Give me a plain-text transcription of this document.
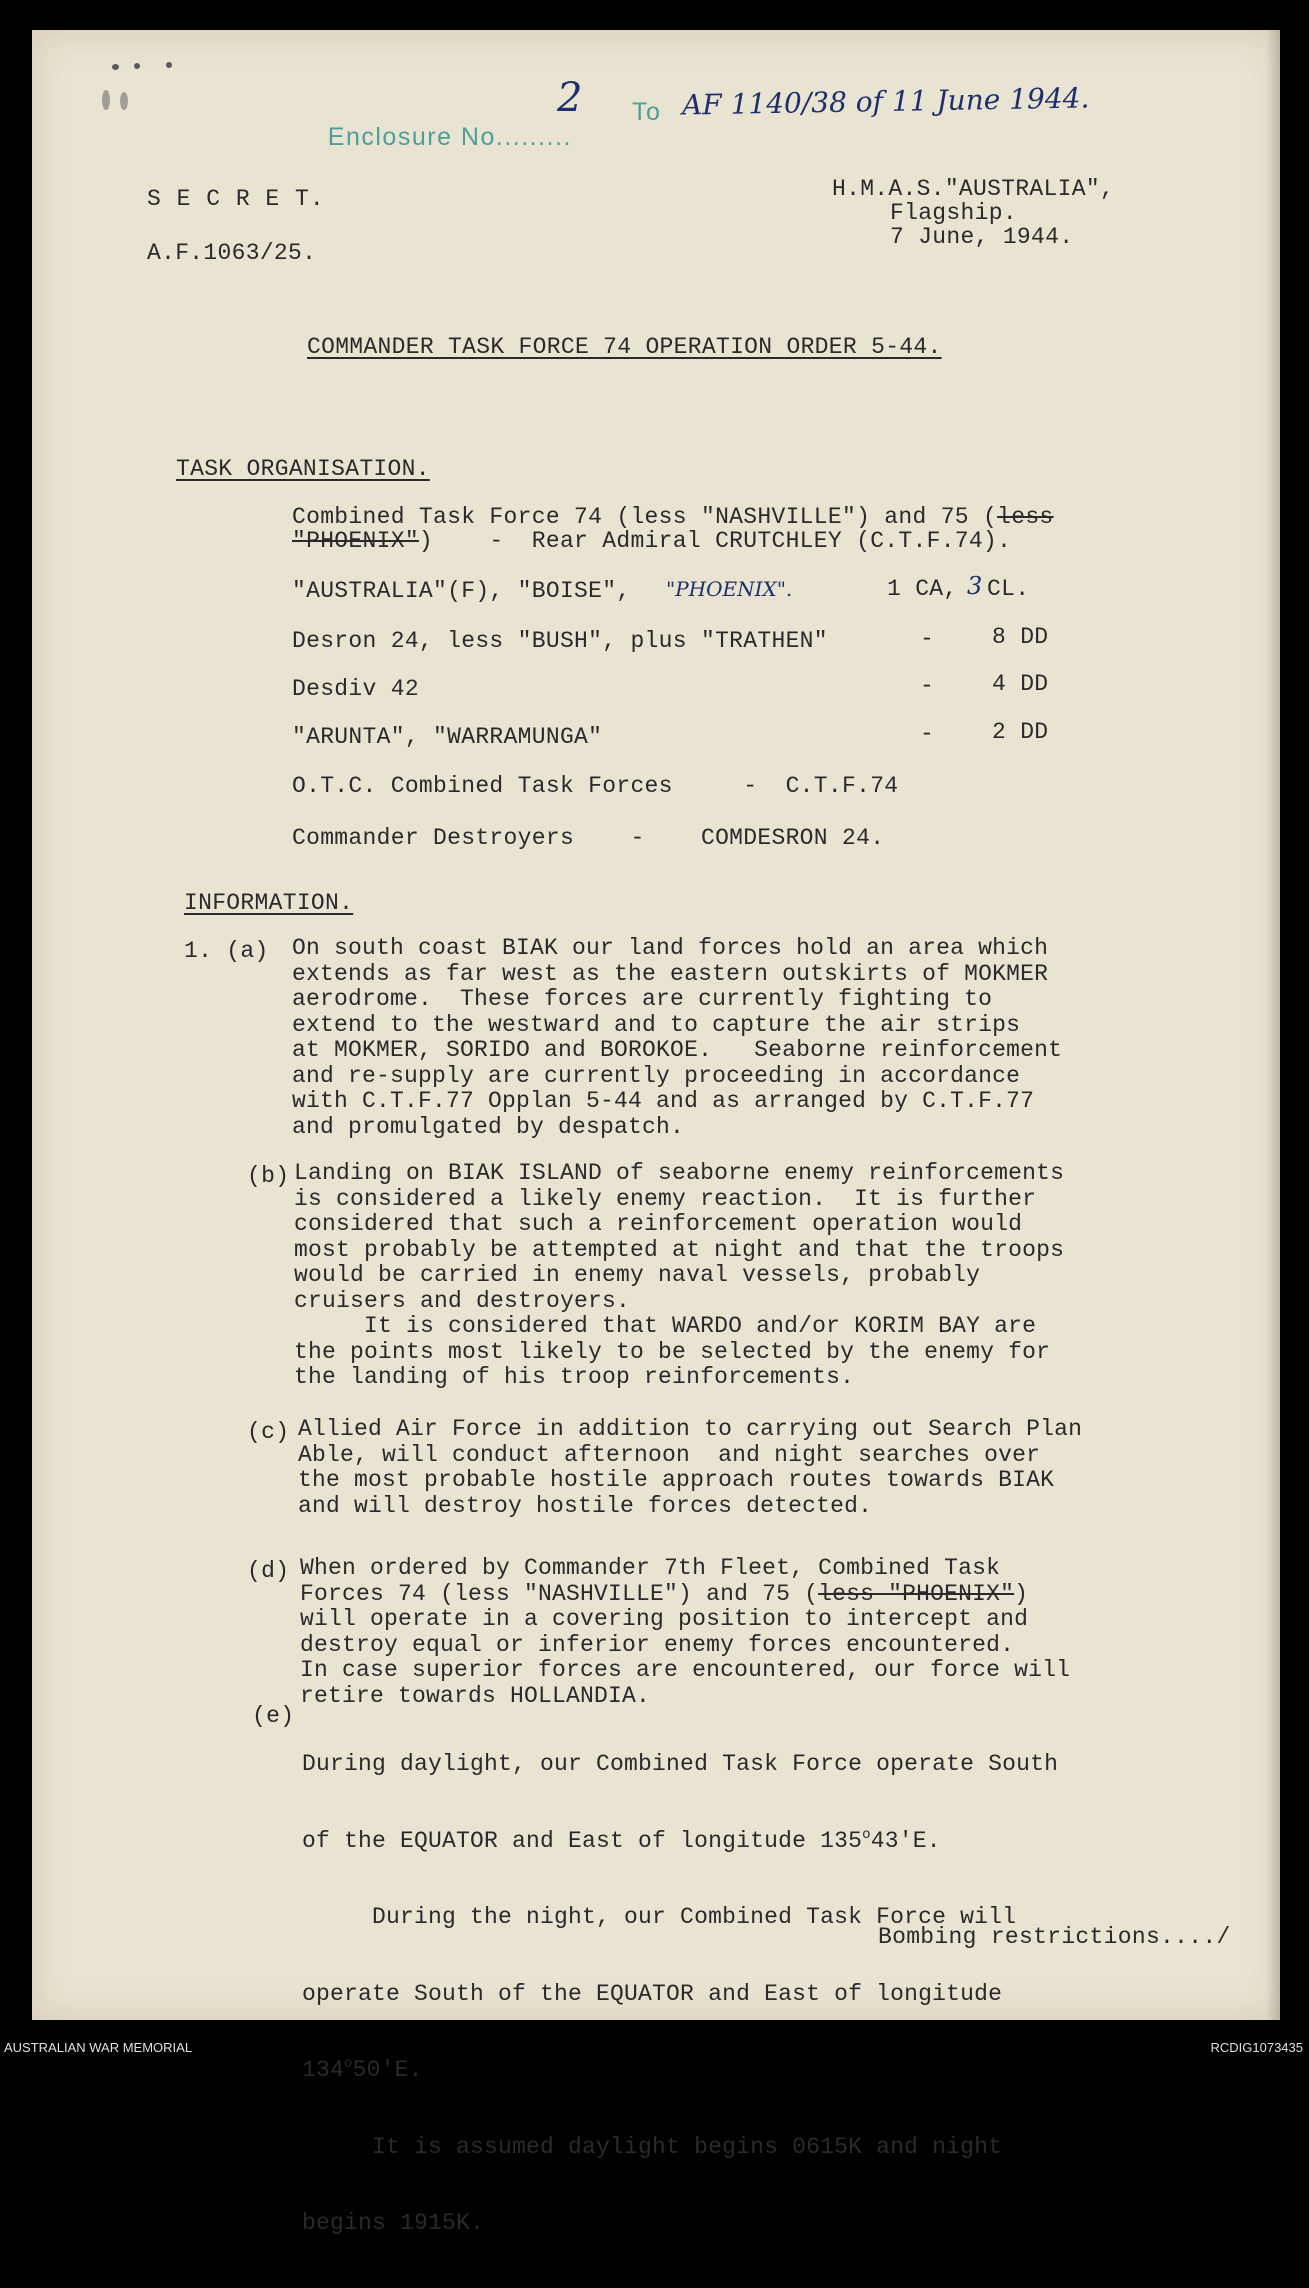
Enclosure No.........

2 To AF 1140/38 of 11 June 1944.
S E C R E T.
A.F.1063/25.
H.M.A.S."AUSTRALIA",
Flagship.
7 June, 1944.
COMMANDER TASK FORCE 74 OPERATION ORDER 5-44.
TASK ORGANISATION.
Combined Task Force 74 (less "NASHVILLE") and 75 (less
"PHOENIX")    -  Rear Admiral CRUTCHLEY (C.T.F.74).
"AUSTRALIA"(F), "BOISE", "PHOENIX".	1 CA, 3 CL.
Desron 24, less "BUSH", plus "TRATHEN"	-	8 DD
Desdiv 42	-	4 DD
"ARUNTA", "WARRAMUNGA"	-	2 DD
O.T.C. Combined Task Forces     -  C.T.F.74
Commander Destroyers    -    COMDESRON 24.
INFORMATION.
1. (a) On south coast BIAK our land forces hold an area which
extends as far west as the eastern outskirts of MOKMER
aerodrome.  These forces are currently fighting to
extend to the westward and to capture the air strips
at MOKMER, SORIDO and BOROKOE.   Seaborne reinforcement
and re-supply are currently proceeding in accordance
with C.T.F.77 Opplan 5-44 and as arranged by C.T.F.77
and promulgated by despatch.
(b) Landing on BIAK ISLAND of seaborne enemy reinforcements
is considered a likely enemy reaction.  It is further
considered that such a reinforcement operation would
most probably be attempted at night and that the troops
would be carried in enemy naval vessels, probably
cruisers and destroyers.
It is considered that WARDO and/or KORIM BAY are
the points most likely to be selected by the enemy for
the landing of his troop reinforcements.
(c) Allied Air Force in addition to carrying out Search Plan
Able, will conduct afternoon  and night searches over
the most probable hostile approach routes towards BIAK
and will destroy hostile forces detected.
(d) When ordered by Commander 7th Fleet, Combined Task
Forces 74 (less "NASHVILLE") and 75 (less "PHOENIX")
will operate in a covering position to intercept and
destroy equal or inferior enemy forces encountered.
In case superior forces are encountered, our force will
retire towards HOLLANDIA.
(e)

During daylight, our Combined Task Force operate South

of the EQUATOR and East of longitude 135$^o$43'E.

During the night, our Combined Task Force will

operate South of the EQUATOR and East of longitude

134$^o$50'E.

It is assumed daylight begins 0615K and night

begins 1915K.

Bombing restrictions..../
AUSTRALIAN WAR MEMORIAL	RCDIG1073435
